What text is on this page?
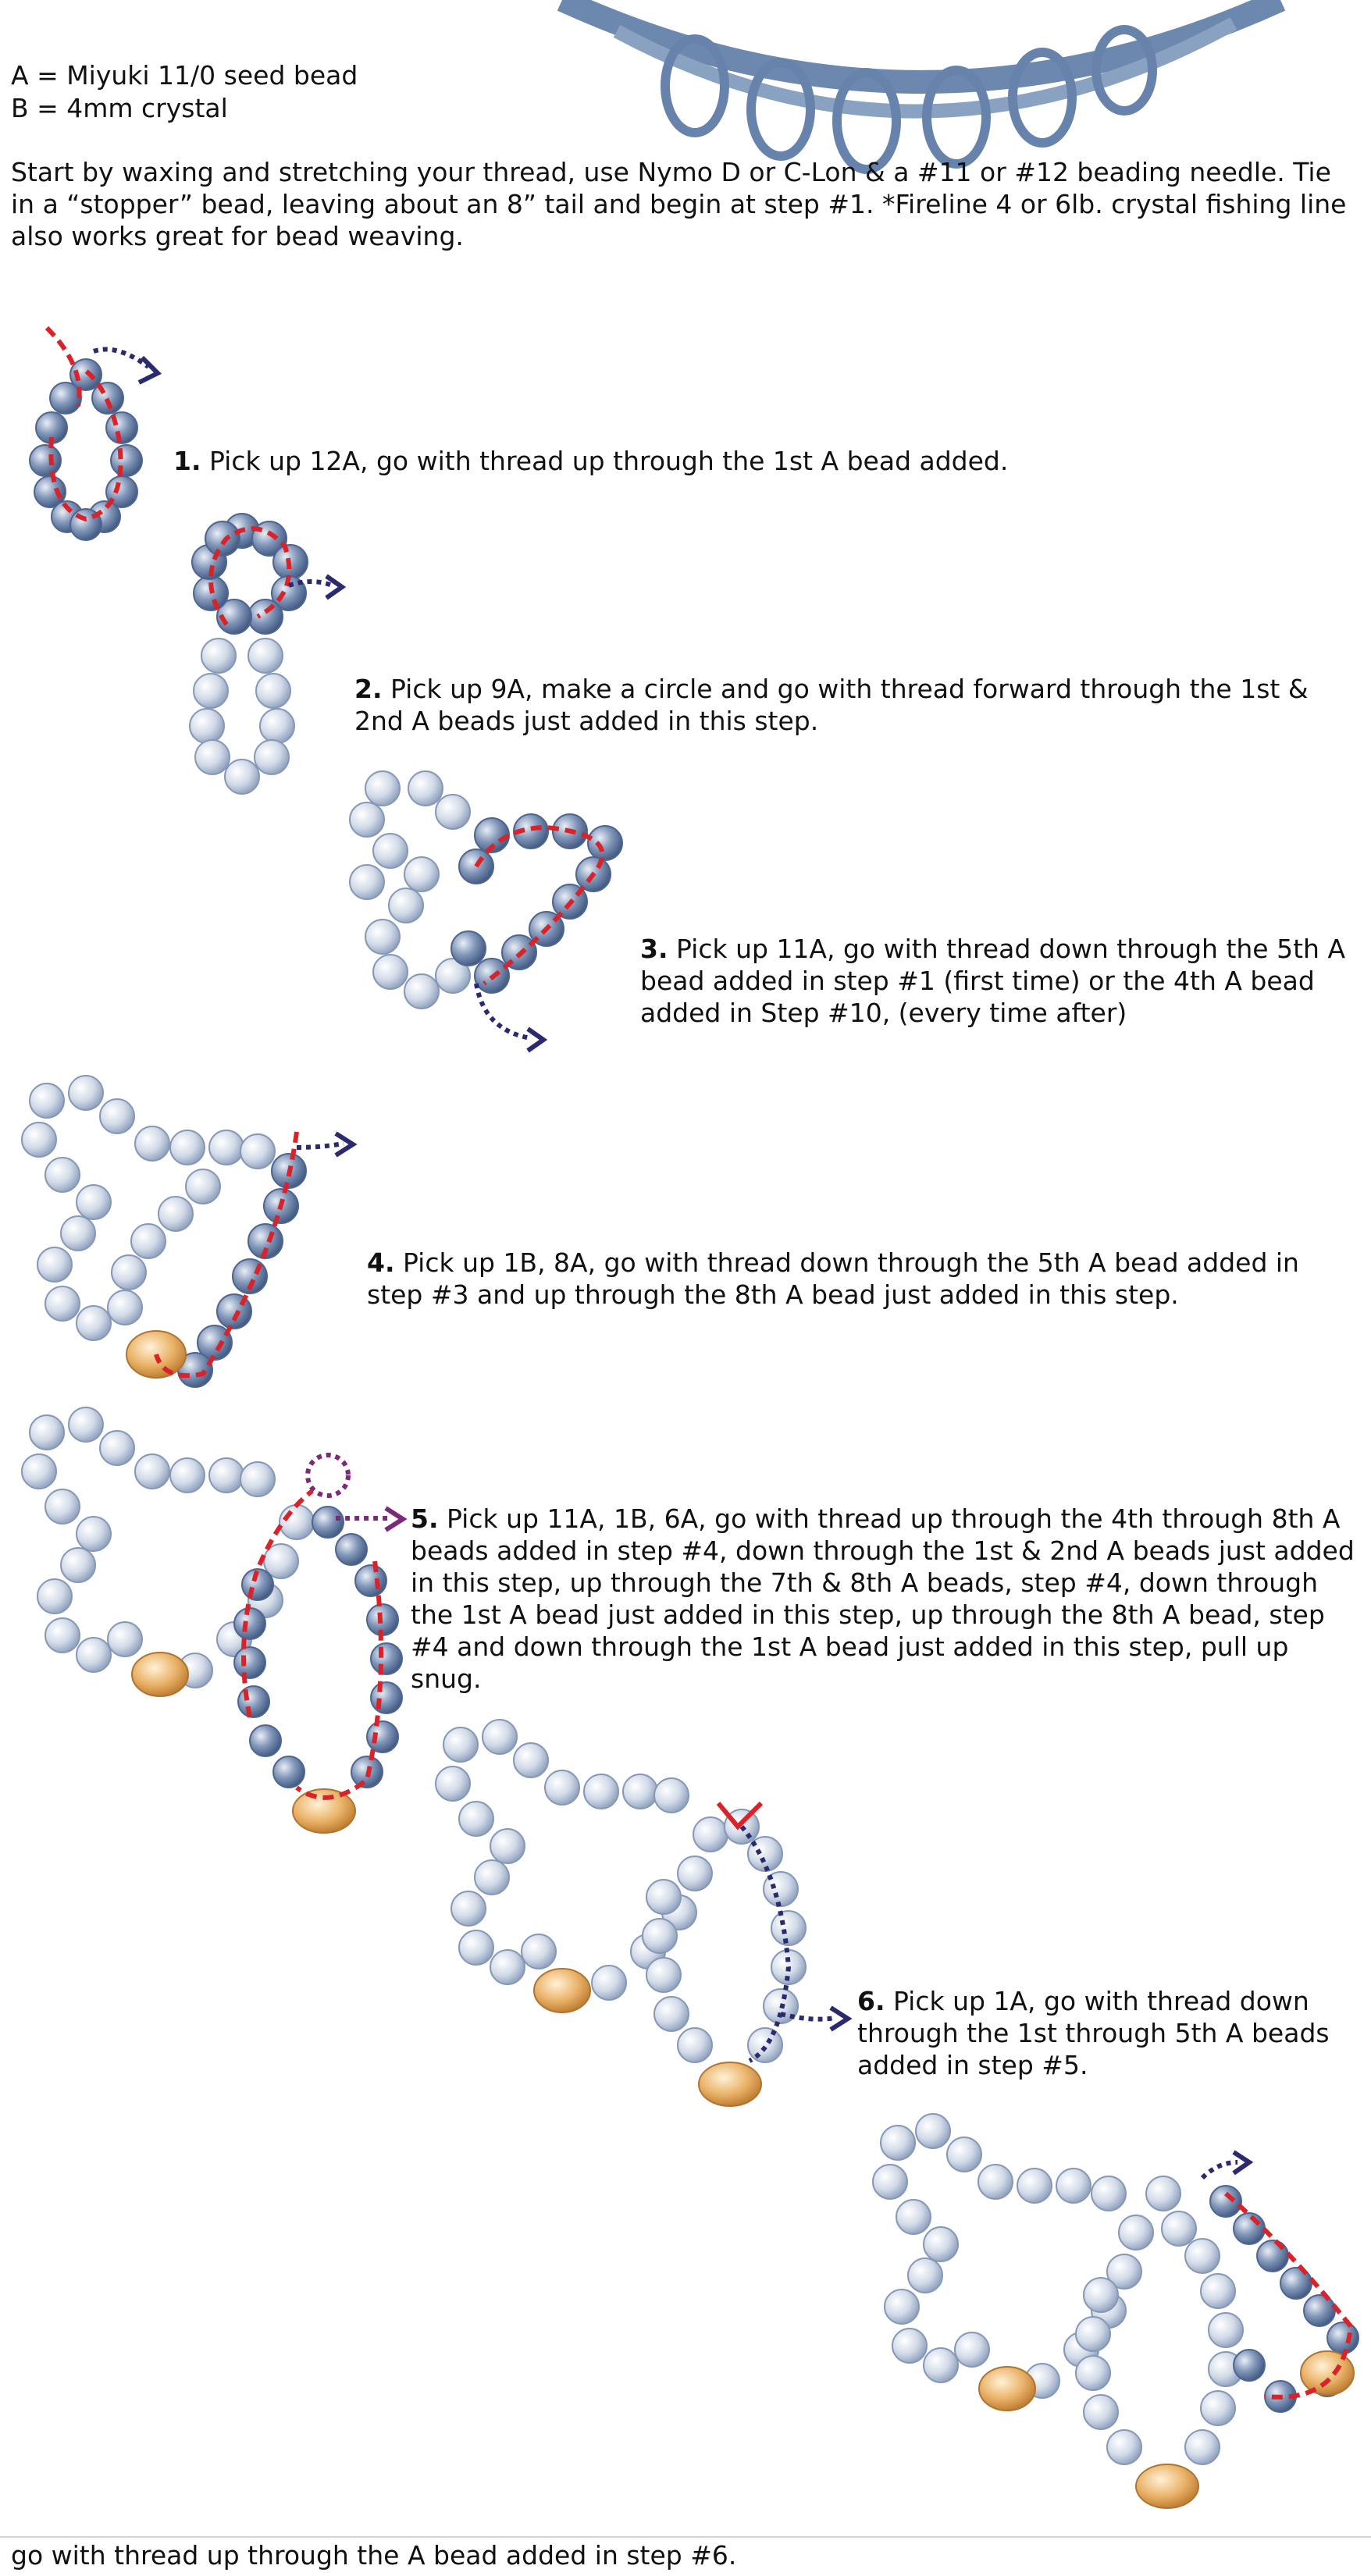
A = Miyuki 11/0 seed bead
B = 4mm crystal
Start by waxing and stretching your thread, use Nymo D or C-Lon & a #11 or #12 beading needle. Tie in a “stopper” bead, leaving about an 8” tail and begin at step #1. *Fireline 4 or 6lb. crystal fishing line also works great for bead weaving.
1. Pick up 12A, go with thread up through the 1st A bead added.
2. Pick up 9A, make a circle and go with thread forward through the 1st & 2nd A beads just added in this step.
3. Pick up 11A, go with thread down through the 5th A bead added in step #1 (first time) or the 4th A bead added in Step #10, (every time after)
4. Pick up 1B, 8A, go with thread down through the 5th A bead added in step #3 and up through the 8th A bead just added in this step.
5. Pick up 11A, 1B, 6A, go with thread up through the 4th through 8th A beads added in step #4, down through the 1st & 2nd A beads just added in this step, up through the 7th & 8th A beads, step #4, down through the 1st A bead just added in this step, up through the 8th A bead, step #4 and down through the 1st A bead just added in this step, pull up snug.
6. Pick up 1A, go with thread down through the 1st through 5th A beads added in step #5.
go with thread up through the A bead added in step #6.
